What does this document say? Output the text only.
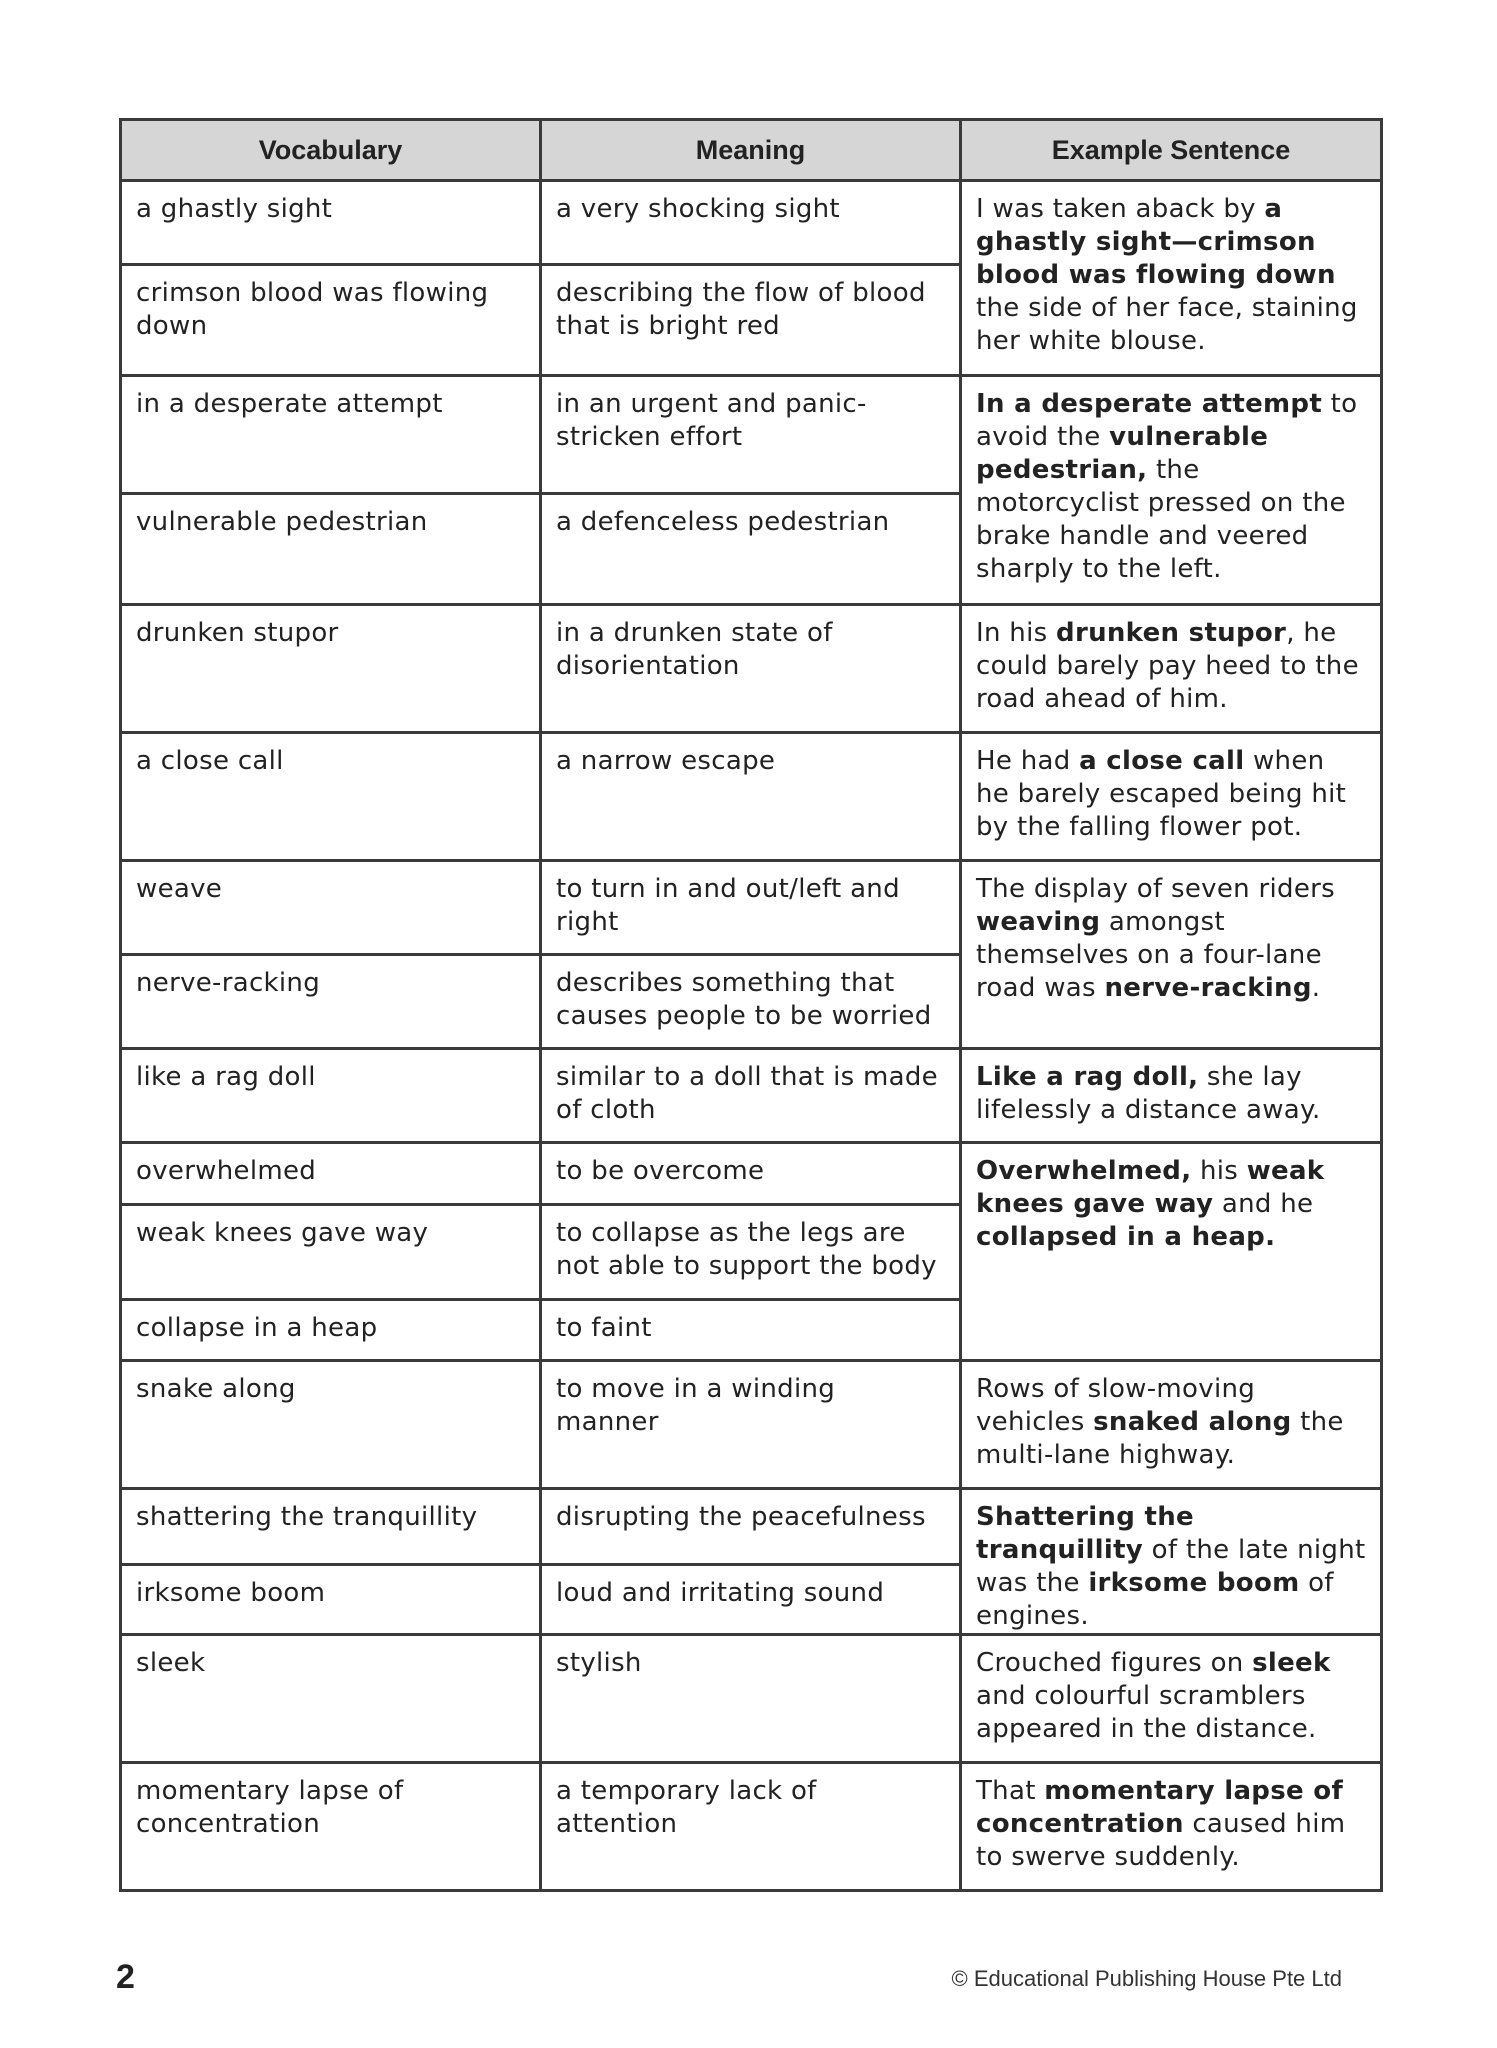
Vocabulary	Meaning	Example Sentence
a ghastly sight	a very shocking sight	I was taken aback by a ghastly sight—crimson blood was flowing down the side of her face, staining her white blouse.
crimson blood was flowing down	describing the flow of blood that is bright red	
in a desperate attempt	in an urgent and panic-stricken effort	In a desperate attempt to avoid the vulnerable pedestrian, the motorcyclist pressed on the brake handle and veered sharply to the left.
vulnerable pedestrian	a defenceless pedestrian	
drunken stupor	in a drunken state of disorientation	In his drunken stupor, he could barely pay heed to the road ahead of him.
a close call	a narrow escape	He had a close call when he barely escaped being hit by the falling flower pot.
weave	to turn in and out/left and right	The display of seven riders weaving amongst themselves on a four-lane road was nerve-racking.
nerve-racking	describes something that causes people to be worried	
like a rag doll	similar to a doll that is made of cloth	Like a rag doll, she lay lifelessly a distance away.
overwhelmed	to be overcome	Overwhelmed, his weak knees gave way and he collapsed in a heap.
weak knees gave way	to collapse as the legs are not able to support the body	
collapse in a heap	to faint	
snake along	to move in a winding manner	Rows of slow-moving vehicles snaked along the multi-lane highway.
shattering the tranquillity	disrupting the peacefulness	Shattering the tranquillity of the late night was the irksome boom of engines.
irksome boom	loud and irritating sound	
sleek	stylish	Crouched figures on sleek and colourful scramblers appeared in the distance.
momentary lapse of concentration	a temporary lack of attention	That momentary lapse of concentration caused him to swerve suddenly.
2	© Educational Publishing House Pte Ltd
